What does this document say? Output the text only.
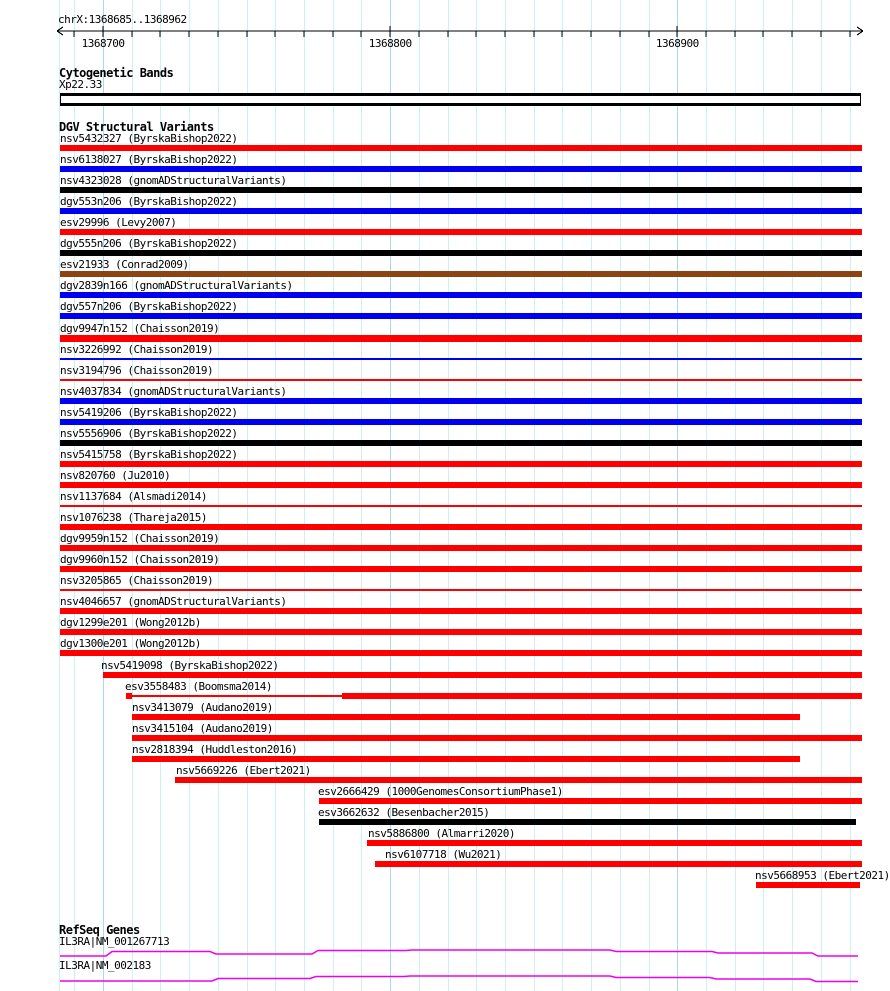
1368700	1368800	1368900
chrX:1368685..1368962
Cytogenetic Bands
Xp22.33
DGV Structural Variants
nsv5432327 (ByrskaBishop2022)
nsv6138027 (ByrskaBishop2022)
nsv4323028 (gnomADStructuralVariants)
dgv553n206 (ByrskaBishop2022)
esv29996 (Levy2007)
dgv555n206 (ByrskaBishop2022)
esv21933 (Conrad2009)
dgv2839n166 (gnomADStructuralVariants)
dgv557n206 (ByrskaBishop2022)
dgv9947n152 (Chaisson2019)
nsv3226992 (Chaisson2019)
nsv3194796 (Chaisson2019)
nsv4037834 (gnomADStructuralVariants)
nsv5419206 (ByrskaBishop2022)
nsv5556906 (ByrskaBishop2022)
nsv5415758 (ByrskaBishop2022)
nsv820760 (Ju2010)
nsv1137684 (Alsmadi2014)
nsv1076238 (Thareja2015)
dgv9959n152 (Chaisson2019)
dgv9960n152 (Chaisson2019)
nsv3205865 (Chaisson2019)
nsv4046657 (gnomADStructuralVariants)
dgv1299e201 (Wong2012b)
dgv1300e201 (Wong2012b)
nsv5419098 (ByrskaBishop2022)
esv3558483 (Boomsma2014)
nsv3413079 (Audano2019)
nsv3415104 (Audano2019)
nsv2818394 (Huddleston2016)
nsv5669226 (Ebert2021)
esv2666429 (1000GenomesConsortiumPhase1)
esv3662632 (Besenbacher2015)
nsv5886800 (Almarri2020)
nsv6107718 (Wu2021)
nsv5668953 (Ebert2021)
RefSeq Genes
IL3RA|NM_001267713
IL3RA|NM_002183
